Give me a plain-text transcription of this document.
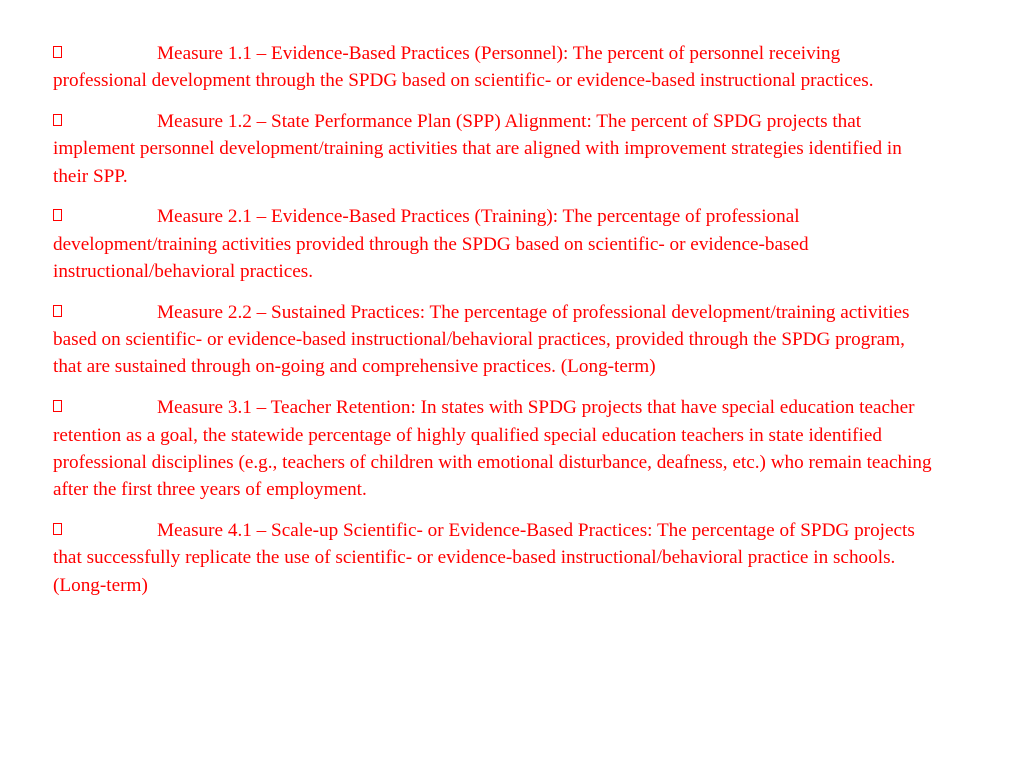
Measure 1.1 – Evidence-Based Practices (Personnel): The percent of personnel receiving professional development through the SPDG based on scientific- or evidence-based instructional practices.

Measure 1.2 – State Performance Plan (SPP) Alignment: The percent of SPDG projects that implement personnel development/training activities that are aligned with improvement strategies identified in their SPP.

Measure 2.1 – Evidence-Based Practices (Training): The percentage of professional development/training activities provided through the SPDG based on scientific- or evidence-based instructional/behavioral practices.

Measure 2.2 – Sustained Practices: The percentage of professional development/training activities based on scientific- or evidence-based instructional/behavioral practices, provided through the SPDG program, that are sustained through on-going and comprehensive practices. (Long-term)

Measure 3.1 – Teacher Retention: In states with SPDG projects that have special education teacher retention as a goal, the statewide percentage of highly qualified special education teachers in state identified professional disciplines (e.g., teachers of children with emotional disturbance, deafness, etc.) who remain teaching after the first three years of employment.

Measure 4.1 – Scale-up Scientific- or Evidence-Based Practices: The percentage of SPDG projects that successfully replicate the use of scientific- or evidence-based instructional/behavioral practice in schools. (Long-term)
